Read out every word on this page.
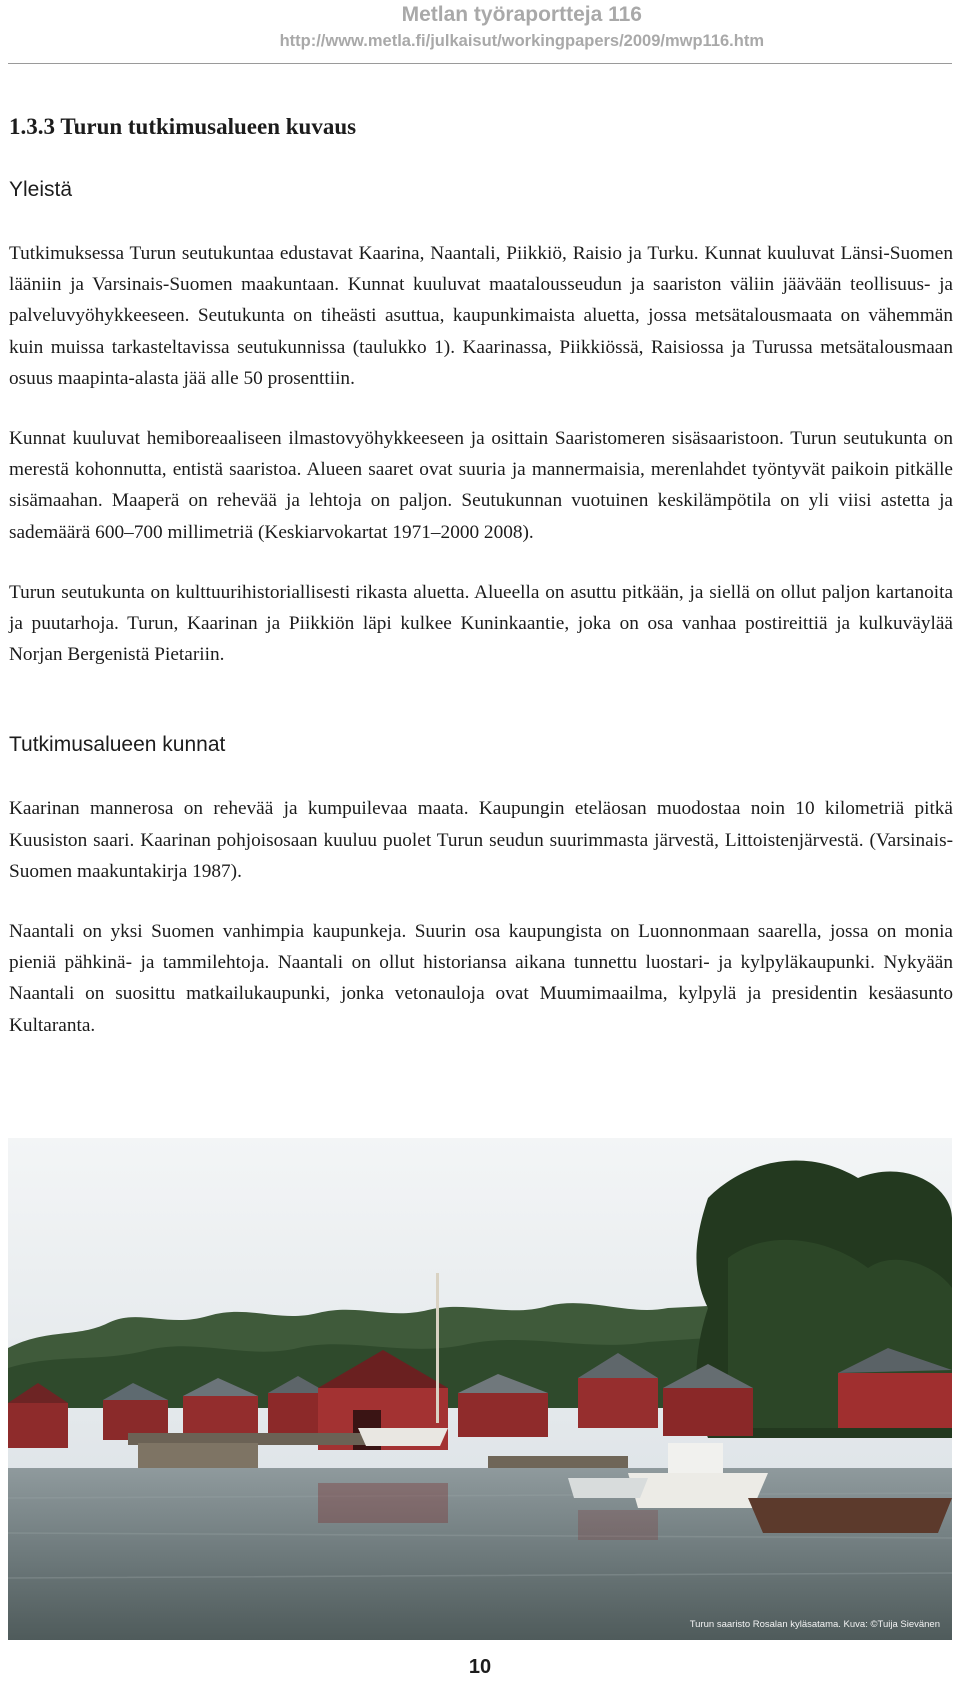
Metlan työraportteja 116
http://www.metla.fi/julkaisut/workingpapers/2009/mwp116.htm
1.3.3 Turun tutkimusalueen kuvaus
Yleistä

Tutkimuksessa Turun seutukuntaa edustavat Kaarina, Naantali, Piikkiö, Raisio ja Turku. Kunnat kuuluvat Länsi-Suomen lääniin ja Varsinais-Suomen maakuntaan. Kunnat kuuluvat maatalousseudun ja saariston väliin jäävään teollisuus- ja palveluvyöhykkeeseen. Seutukunta on tiheästi asuttua, kaupunkimaista aluetta, jossa metsätalousmaata on vähemmän kuin muissa tarkasteltavissa seutukunnissa (taulukko 1). Kaarinassa, Piikkiössä, Raisiossa ja Turussa metsätalousmaan osuus maapinta-alasta jää alle 50 prosenttiin.

Kunnat kuuluvat hemiboreaaliseen ilmastovyöhykkeeseen ja osittain Saaristomeren sisäsaaristoon. Turun seutukunta on merestä kohonnutta, entistä saaristoa. Alueen saaret ovat suuria ja mannermaisia, merenlahdet työntyvät paikoin pitkälle sisämaahan. Maaperä on rehevää ja lehtoja on paljon. Seutukunnan vuotuinen keskilämpötila on yli viisi astetta ja sademäärä 600–700 millimetriä (Keskiarvokartat 1971–2000 2008).

Turun seutukunta on kulttuurihistoriallisesti rikasta aluetta. Alueella on asuttu pitkään, ja siellä on ollut paljon kartanoita ja puutarhoja. Turun, Kaarinan ja Piikkiön läpi kulkee Kuninkaantie, joka on osa vanhaa postireittiä ja kulkuväylää Norjan Bergenistä Pietariin.

Tutkimusalueen kunnat

Kaarinan mannerosa on rehevää ja kumpuilevaa maata. Kaupungin eteläosan muodostaa noin 10 kilometriä pitkä Kuusiston saari. Kaarinan pohjoisosaan kuuluu puolet Turun seudun suurimmasta järvestä, Littoistenjärvestä. (Varsinais-Suomen maakuntakirja 1987).

Naantali on yksi Suomen vanhimpia kaupunkeja. Suurin osa kaupungista on Luonnonmaan saarella, jossa on monia pieniä pähkinä- ja tammilehtoja. Naantali on ollut historiansa aikana tunnettu luostari- ja kylpyläkaupunki. Nykyään Naantali on suosittu matkailukaupunki, jonka vetonauloja ovat Muumimaailma, kylpylä ja presidentin kesäasunto Kultaranta.

Turun saaristo Rosalan kyläsatama. Kuva: ©Tuija Sievänen
10
